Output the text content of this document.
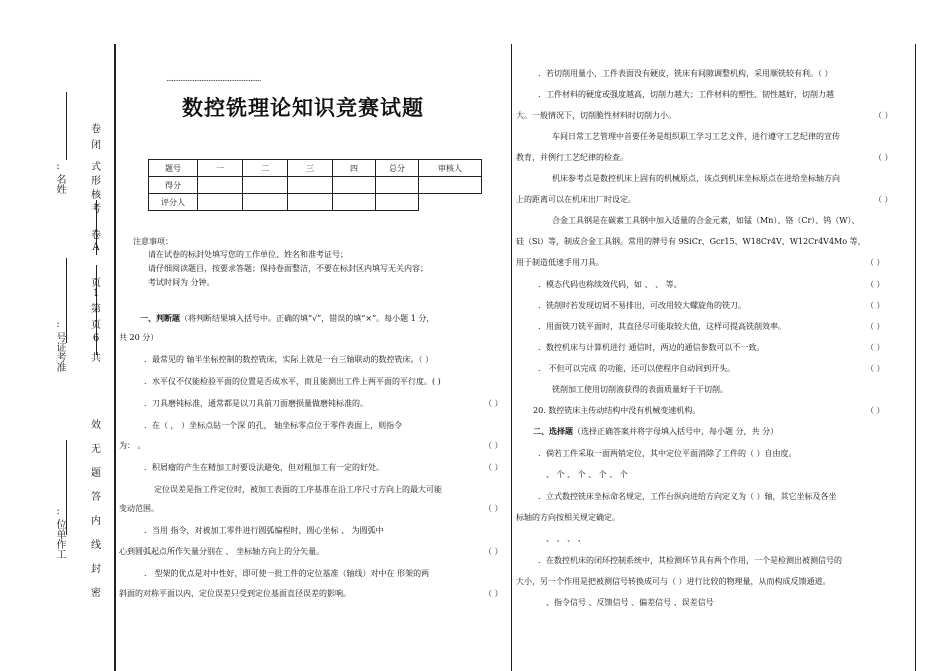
:
名姓
:
号证考准
:
位单作工
卷
闭
式
形
核
考
卷
A
页
1
第
页
6
共
效
无
题
答
内
线
封
密
¨¨¨¨¨¨¨¨¨¨¨¨¨¨¨¨¨¨¨¨¨¨¨¨¨¨¨
数控铣理论知识竞赛试题
题号	一	二	三	四	总分	审核人
得分						
评分人						
注意事项：
请在试卷的标封处填写您的工作单位、姓名和准考证号；
请仔细阅读题目，按要求答题；保持卷面整洁，不要在标封区内填写无关内容；
考试时间为 分钟。
一、判断题（将判断结果填入括号中。正确的填“√”，错误的填“×”。每小题 1 分，
共 20 分）
．最常见的 轴半坐标控制的数控铣床，实际上就是一台三轴联动的数控铣床。（ ）
．水平仪不仅能检验平面的位置是否成水平，而且能测出工件上两平面的平行度。( )
．刀具磨钝标准，通常都是以刀具前刀面磨损量做磨钝标准的。	（ ）
．在（ ， ）坐标点钻一个深 的孔， 轴坐标零点位于零件表面上，则指令
为： 。	（ ）
．积屑瘤的产生在精加工时要设法避免，但对粗加工有一定的好处。	（ ）
定位误差是指工件定位时，被加工表面的工序基准在沿工序尺寸方向上的最大可能
变动范围。	（ ）
．当用 指令，对被加工零件进行圆弧编程时，圆心坐标 、 为圆弧中
心到圆弧起点所作矢量分别在 、 坐标轴方向上的分矢量。	（ ）
． 型架的优点是对中性好，即可使一批工件的定位基准（轴线）对中在 形架的两
斜面的对称平面以内，定位误差只受到定位基面直径误差的影响。	（ ）
．若切削用量小，工件表面没有硬皮，铣床有间隙调整机构，采用顺铣较有利。（ ）
．工件材料的硬度或强度越高，切削力越大；工件材料的塑性、韧性越好，切削力越
大。一般情况下，切削脆性材料时切削力小。	（ ）
车间日常工艺管理中首要任务是组织职工学习工艺文件，进行遵守工艺纪律的宣传
教育，并例行工艺纪律的检查。	（ ）
机床参考点是数控机床上固有的机械原点，该点到机床坐标原点在进给坐标轴方向
上的距离可以在机床出厂时设定。	（ ）
合金工具钢是在碳素工具钢中加入适量的合金元素，如锰（Mn）、铬（Cr）、钨（W）、
硅（Si）等，制成合金工具钢。常用的牌号有 9SiCr、Gcr15、W18Cr4V、W12Cr4V4Mo 等，
用于制造低速手用刀具。	（ ）
．模态代码也称续效代码，如 、 、 等。	（ ）
．铣削时若发现切屑不易排出，可改用较大螺旋角的铣刀。	（ ）
．用面铣刀铣平面时，其直径尽可能取较大值，这样可提高铣削效率。	（ ）
．数控机床与计算机进行 通信时，两边的通信参数可以不一致。	（ ）
． 不但可以完成 的功能，还可以使程序自动回到开头。	（ ）
铣削加工使用切削液获得的表面质量好于干切削。
20. 数控铣床主传动结构中没有机械变速机构。	（ ）
二、选择题（选择正确答案并将字母填入括号中，每小题 分，共 分）
．倘若工件采取一面两销定位，其中定位平面消除了工件的（ ）自由度。
、 个 、 个 、 个 、 个
．立式数控铣床坐标命名规定，工作台纵向进给方向定义为（ ）轴，其它坐标及各坐
标轴的方向按相关规定确定。
、 、 、 、
．在数控机床的闭环控制系统中，其检测环节具有两个作用，一个是检测出被测信号的
大小，另一个作用是把被测信号转换成可与（ ）进行比较的物理量，从而构成反馈通道。
、指令信号 、反馈信号 、偏差信号 、误差信号
